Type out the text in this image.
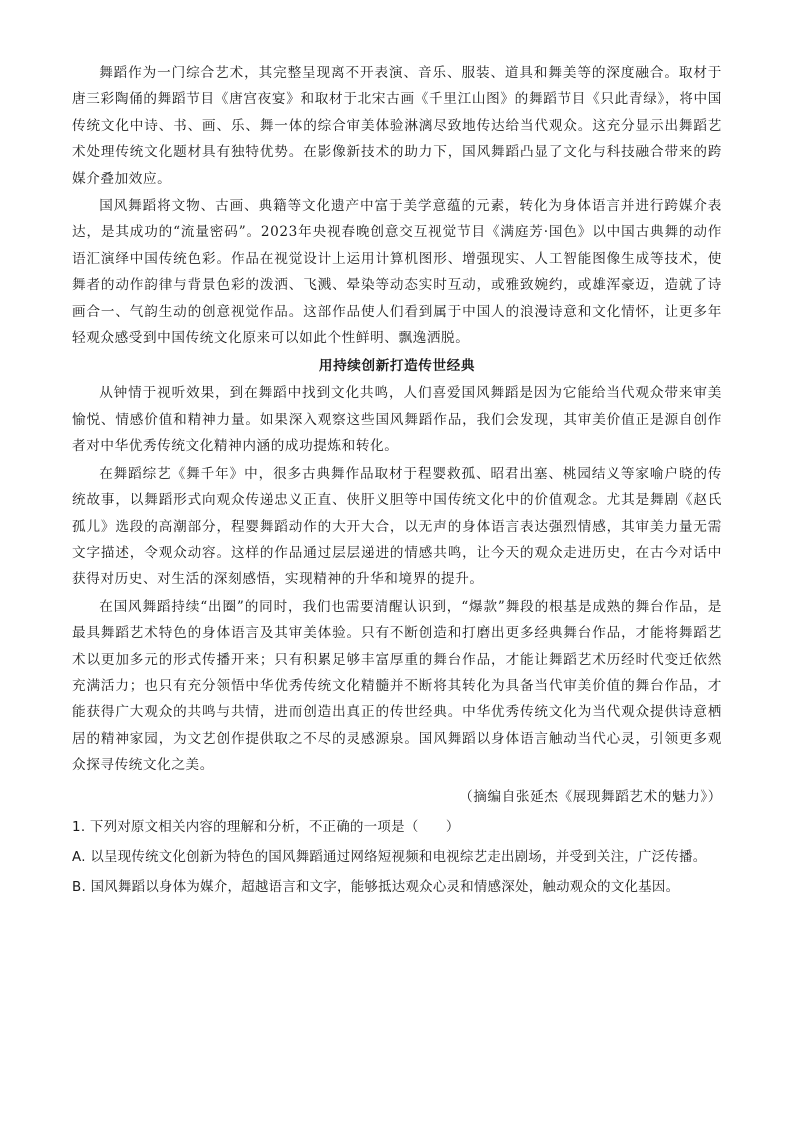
舞蹈作为一门综合艺术，其完整呈现离不开表演、音乐、服装、道具和舞美等的深度融合。取材于唐三彩陶俑的舞蹈节目《唐宫夜宴》和取材于北宋古画《千里江山图》的舞蹈节目《只此青绿》，将中国传统文化中诗、书、画、乐、舞一体的综合审美体验淋漓尽致地传达给当代观众。这充分显示出舞蹈艺术处理传统文化题材具有独特优势。在影像新技术的助力下，国风舞蹈凸显了文化与科技融合带来的跨媒介叠加效应。

国风舞蹈将文物、古画、典籍等文化遗产中富于美学意蕴的元素，转化为身体语言并进行跨媒介表达，是其成功的“流量密码”。2023年央视春晚创意交互视觉节目《满庭芳·国色》以中国古典舞的动作语汇演绎中国传统色彩。作品在视觉设计上运用计算机图形、增强现实、人工智能图像生成等技术，使舞者的动作韵律与背景色彩的泼洒、飞溅、晕染等动态实时互动，或雅致婉约，或雄浑豪迈，造就了诗画合一、气韵生动的创意视觉作品。这部作品使人们看到属于中国人的浪漫诗意和文化情怀，让更多年轻观众感受到中国传统文化原来可以如此个性鲜明、飘逸洒脱。

用持续创新打造传世经典

从钟情于视听效果，到在舞蹈中找到文化共鸣，人们喜爱国风舞蹈是因为它能给当代观众带来审美愉悦、情感价值和精神力量。如果深入观察这些国风舞蹈作品，我们会发现，其审美价值正是源自创作者对中华优秀传统文化精神内涵的成功提炼和转化。

在舞蹈综艺《舞千年》中，很多古典舞作品取材于程婴救孤、昭君出塞、桃园结义等家喻户晓的传统故事，以舞蹈形式向观众传递忠义正直、侠肝义胆等中国传统文化中的价值观念。尤其是舞剧《赵氏孤儿》选段的高潮部分，程婴舞蹈动作的大开大合，以无声的身体语言表达强烈情感，其审美力量无需文字描述，令观众动容。这样的作品通过层层递进的情感共鸣，让今天的观众走进历史，在古今对话中获得对历史、对生活的深刻感悟，实现精神的升华和境界的提升。

在国风舞蹈持续“出圈”的同时，我们也需要清醒认识到，“爆款”舞段的根基是成熟的舞台作品，是最具舞蹈艺术特色的身体语言及其审美体验。只有不断创造和打磨出更多经典舞台作品，才能将舞蹈艺术以更加多元的形式传播开来；只有积累足够丰富厚重的舞台作品，才能让舞蹈艺术历经时代变迁依然充满活力；也只有充分领悟中华优秀传统文化精髓并不断将其转化为具备当代审美价值的舞台作品，才能获得广大观众的共鸣与共情，进而创造出真正的传世经典。中华优秀传统文化为当代观众提供诗意栖居的精神家园，为文艺创作提供取之不尽的灵感源泉。国风舞蹈以身体语言触动当代心灵，引领更多观众探寻传统文化之美。

（摘编自张延杰《展现舞蹈艺术的魅力》）

1. 下列对原文相关内容的理解和分析，不正确的一项是（　　）

A. 以呈现传统文化创新为特色的国风舞蹈通过网络短视频和电视综艺走出剧场，并受到关注，广泛传播。

B. 国风舞蹈以身体为媒介，超越语言和文字，能够抵达观众心灵和情感深处，触动观众的文化基因。
